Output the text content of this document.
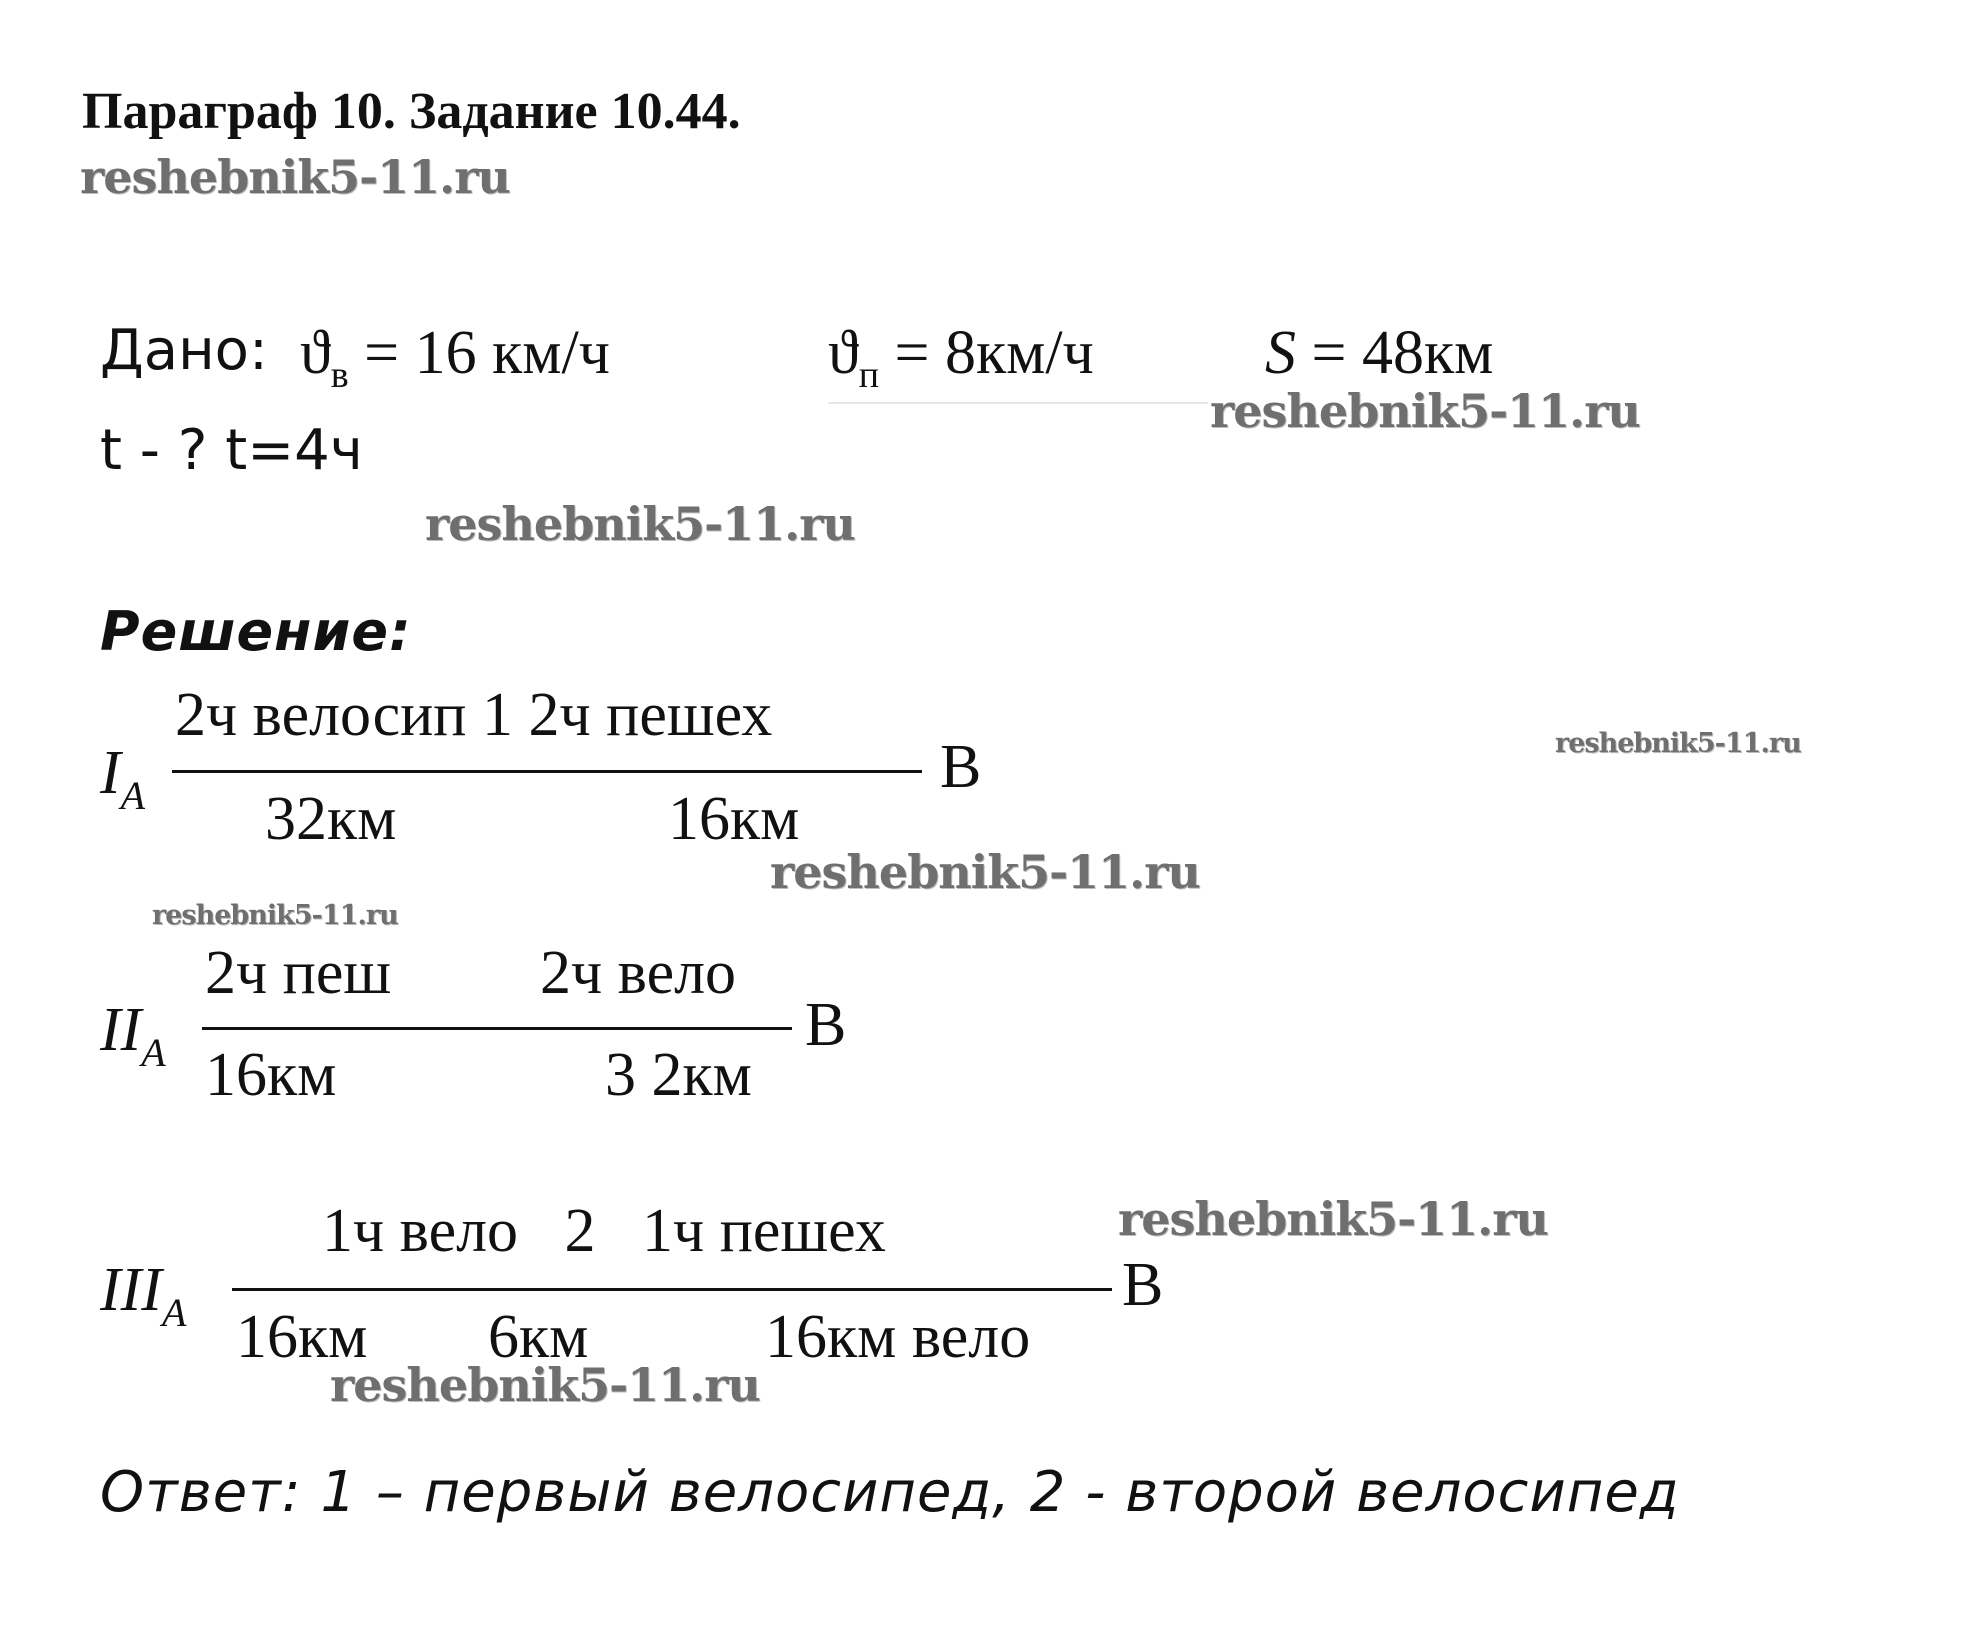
Параграф 10. Задание 10.44.
reshebnik5-11.ru
reshebnik5-11.ru
reshebnik5-11.ru
reshebnik5-11.ru
reshebnik5-11.ru
reshebnik5-11.ru
reshebnik5-11.ru
reshebnik5-11.ru
Дано: $ϑ_в = 16$ км/ч	$ϑ_п = 8км/ч$	S = 48км
t - ? t=4ч
Решение:
$I_A$
2ч велосип 1 2ч пешех
32км	16км
B
$II_A$
2ч пеш 2ч вело
16км	3 2км
B
$III_A$
1ч вело   2   1ч пешех
16км 6км	16км вело
B
Ответ: 1 – первый велосипед, 2 - второй велосипед
